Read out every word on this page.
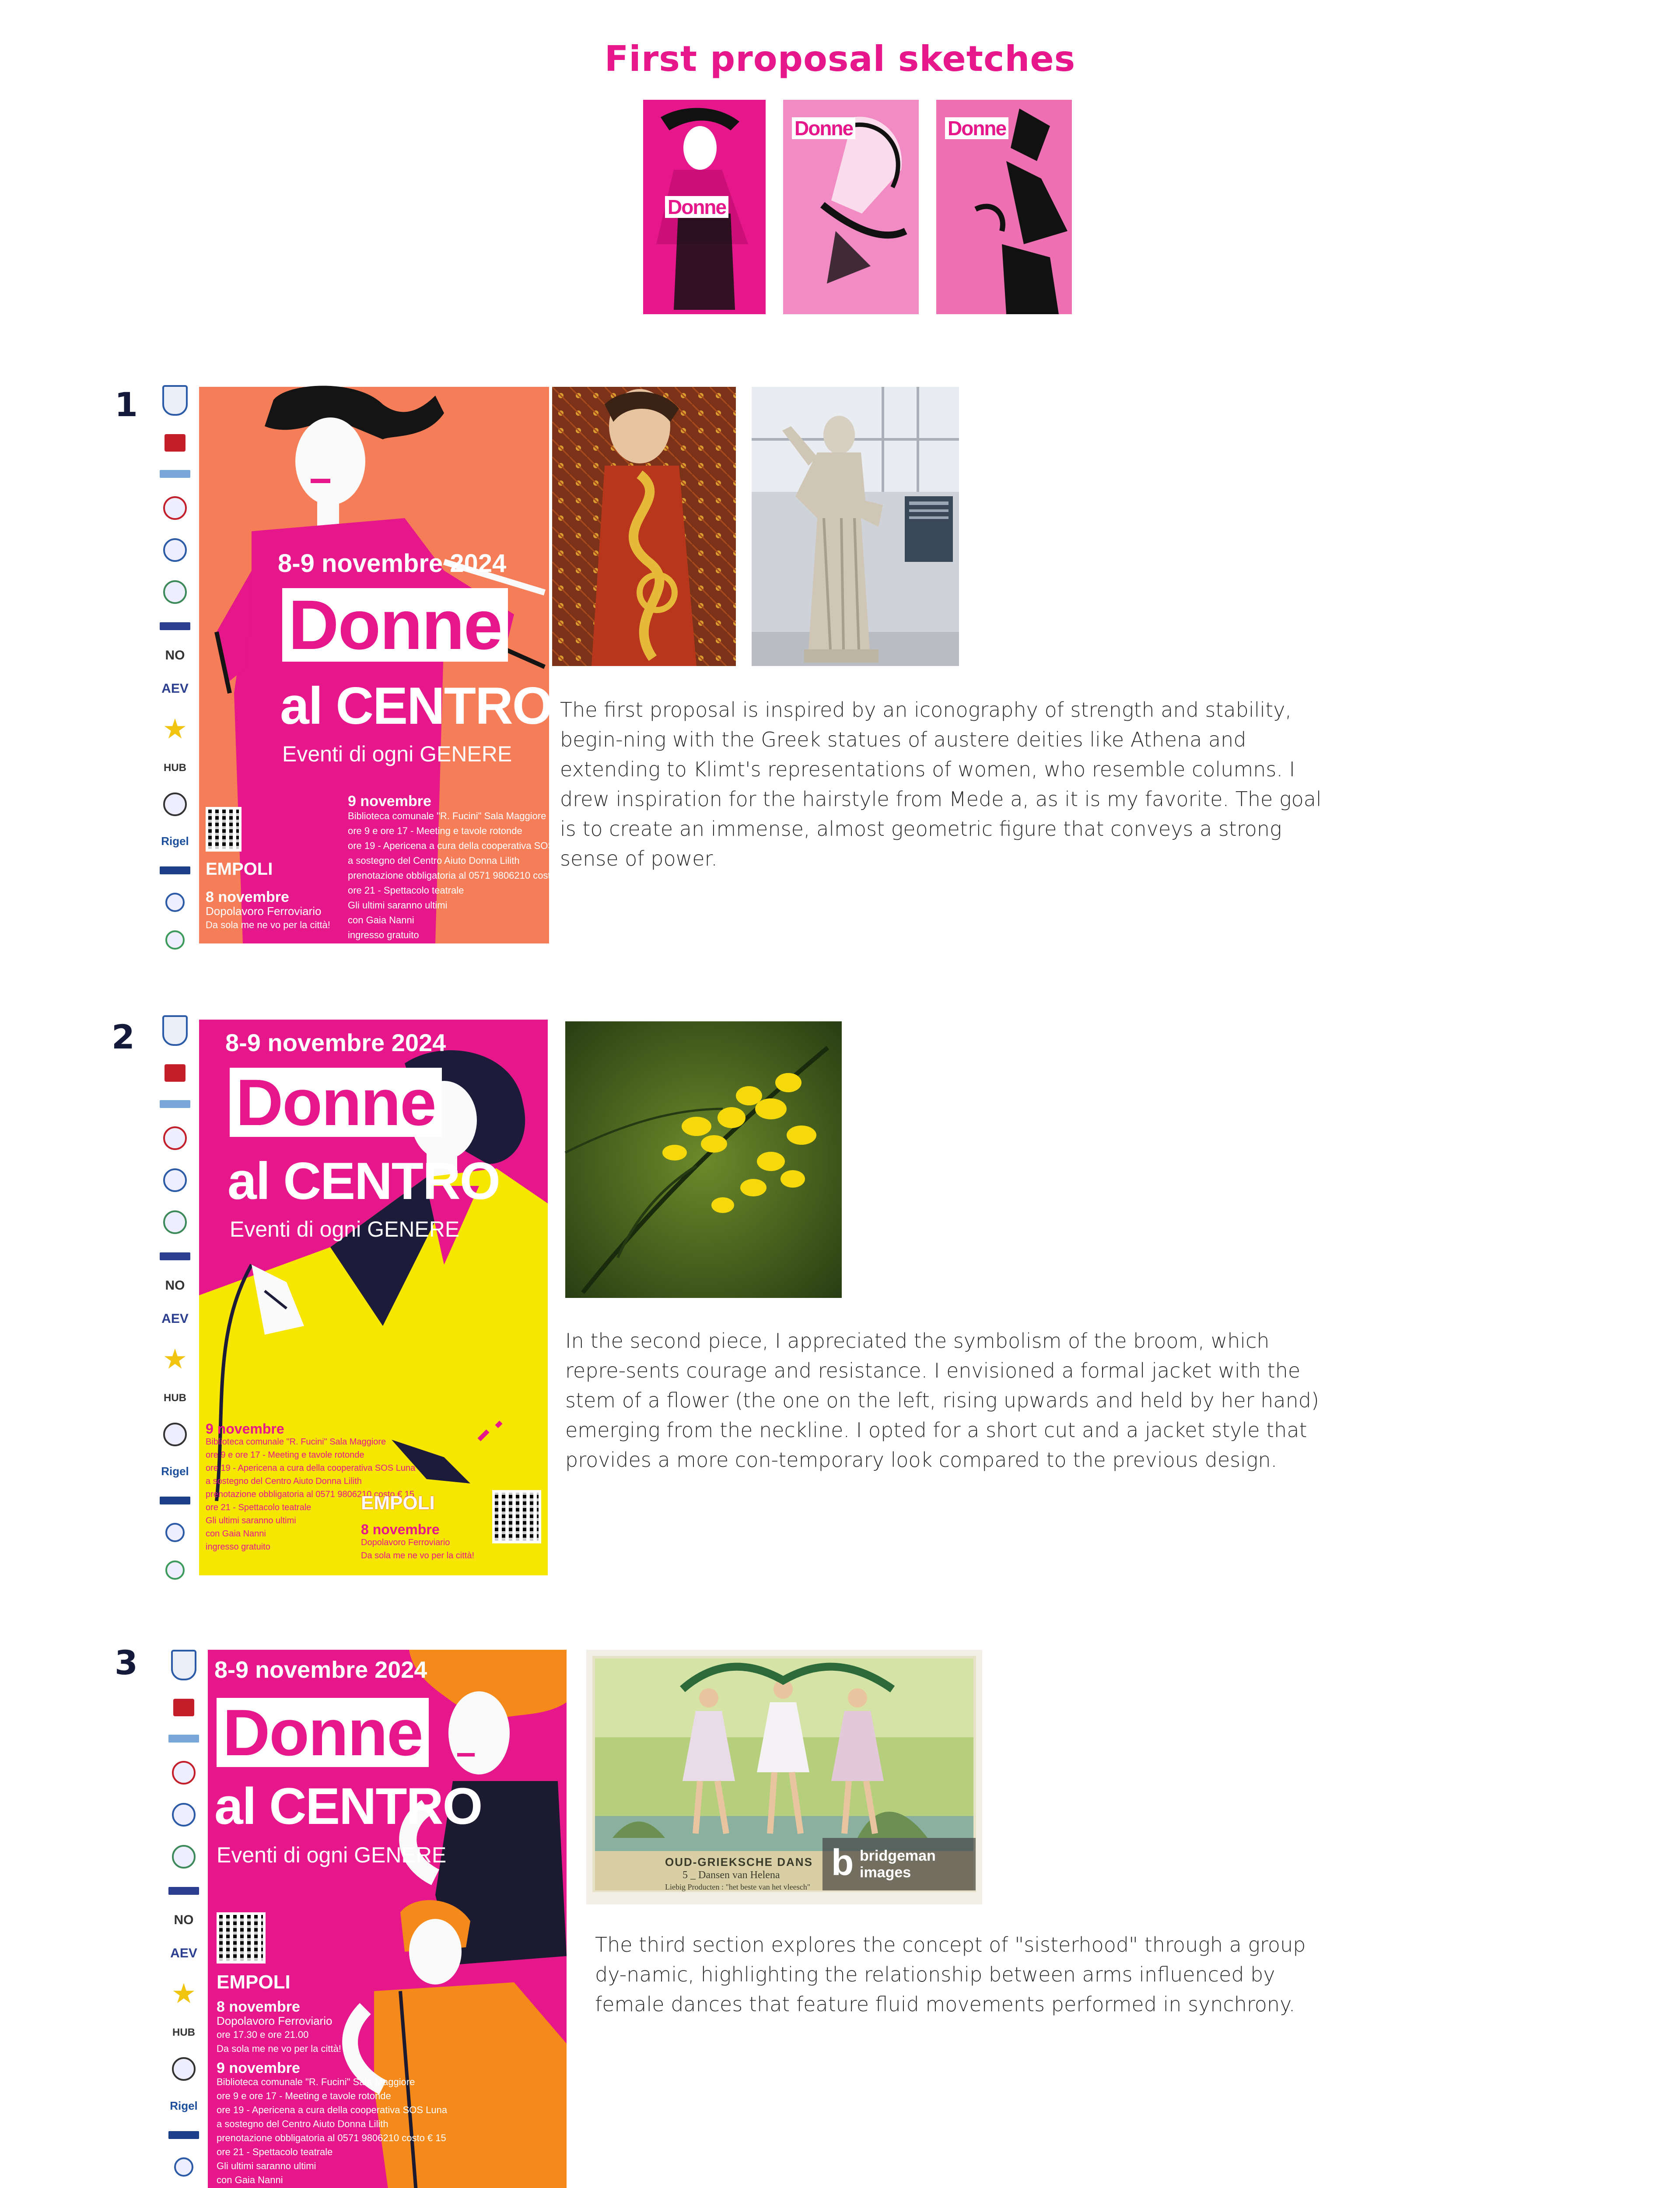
First proposal sketches
Donne
Donne	Donne
1
NO
AEV
★
HUB
Rigel
8-9 novembre 2024
Donne
al CENTRO
Eventi di ogni GENERE
9 novembre
Biblioteca comunale "R. Fucini" Sala Maggiore
ore 9 e ore 17 - Meeting e tavole rotonde
ore 19 - Apericena a cura della cooperativa SOS Luna
a sostegno del Centro Aiuto Donna Lilith
prenotazione obbligatoria al 0571 9806210 costo € 15
ore 21 - Spettacolo teatrale
Gli ultimi saranno ultimi
con Gaia Nanni
ingresso gratuito
EMPOLI
8 novembre
Dopolavoro Ferroviario
Da sola me ne vo per la città!
The first proposal is inspired by an iconography of strength and stability, begin-ning with the Greek statues of austere deities like Athena and extending to Klimt's representations of women, who resemble columns. I drew inspiration for the hairstyle from Mede a, as it is my favorite. The goal is to create an immense, almost geometric figure that conveys a strong sense of power.
2
NO
AEV
★
HUB
Rigel
8-9 novembre 2024
Donne
al CENTRO
Eventi di ogni GENERE
9 novembre
Biblioteca comunale "R. Fucini" Sala Maggiore
ore 9 e ore 17 - Meeting e tavole rotonde
ore 19 - Apericena a cura della cooperativa SOS Luna
a sostegno del Centro Aiuto Donna Lilith
prenotazione obbligatoria al 0571 9806210 costo € 15
ore 21 - Spettacolo teatrale
Gli ultimi saranno ultimi
con Gaia Nanni
ingresso gratuito
EMPOLI
8 novembre
Dopolavoro Ferroviario
Da sola me ne vo per la città!
In the second piece, I appreciated the symbolism of the broom, which repre-sents courage and resistance. I envisioned a formal jacket with the stem of a flower (the one on the left, rising upwards and held by her hand) emerging from the neckline. I opted for a short cut and a jacket style that provides a more con-temporary look compared to the previous design.
3
NO
AEV
★
HUB
Rigel
8-9 novembre 2024
Donne
al CENTRO
Eventi di ogni GENERE
EMPOLI
8 novembre
Dopolavoro Ferroviario
ore 17.30 e ore 21.00
Da sola me ne vo per la città!
9 novembre
Biblioteca comunale "R. Fucini" Sala Maggiore
ore 9 e ore 17 - Meeting e tavole rotonde
ore 19 - Apericena a cura della cooperativa SOS Luna
a sostegno del Centro Aiuto Donna Lilith
prenotazione obbligatoria al 0571 9806210 costo € 15
ore 21 - Spettacolo teatrale
Gli ultimi saranno ultimi
con Gaia Nanni
b bridgeman
images
OUD-GRIEKSCHE DANS
5 _ Dansen van Helena
Liebig Producten : "het beste van het vleesch"
The third section explores the concept of "sisterhood" through a group dy-namic, highlighting the relationship between arms influenced by female dances that feature fluid movements performed in synchrony.
